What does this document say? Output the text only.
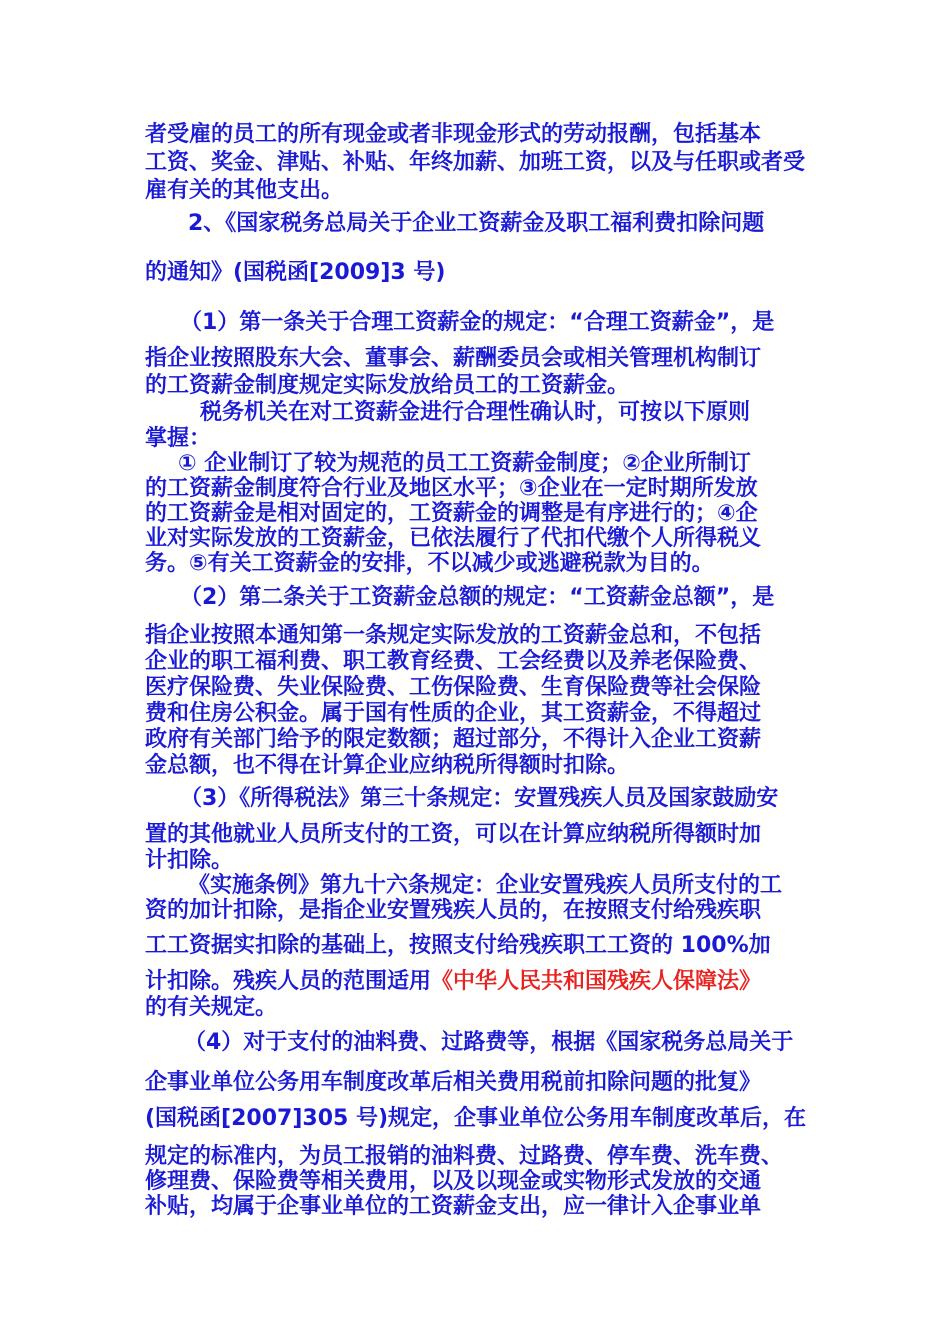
者受雇的员工的所有现金或者非现金形式的劳动报酬，包括基本
工资、奖金、津贴、补贴、年终加薪、加班工资，以及与任职或者受
雇有关的其他支出。
2、《国家税务总局关于企业工资薪金及职工福利费扣除问题
的通知》(国税函[2009]3 号)
（1）第一条关于合理工资薪金的规定：“合理工资薪金”，是
指企业按照股东大会、董事会、薪酬委员会或相关管理机构制订
的工资薪金制度规定实际发放给员工的工资薪金。
税务机关在对工资薪金进行合理性确认时，可按以下原则
掌握：
① 企业制订了较为规范的员工工资薪金制度；②企业所制订
的工资薪金制度符合行业及地区水平；③企业在一定时期所发放
的工资薪金是相对固定的，工资薪金的调整是有序进行的；④企
业对实际发放的工资薪金，已依法履行了代扣代缴个人所得税义
务。⑤有关工资薪金的安排，不以减少或逃避税款为目的。
（2）第二条关于工资薪金总额的规定：“工资薪金总额”，是
指企业按照本通知第一条规定实际发放的工资薪金总和，不包括
企业的职工福利费、职工教育经费、工会经费以及养老保险费、
医疗保险费、失业保险费、工伤保险费、生育保险费等社会保险
费和住房公积金。属于国有性质的企业，其工资薪金，不得超过
政府有关部门给予的限定数额；超过部分，不得计入企业工资薪
金总额，也不得在计算企业应纳税所得额时扣除。
（3）《所得税法》第三十条规定：安置残疾人员及国家鼓励安
置的其他就业人员所支付的工资，可以在计算应纳税所得额时加
计扣除。
《实施条例》第九十六条规定：企业安置残疾人员所支付的工
资的加计扣除，是指企业安置残疾人员的，在按照支付给残疾职
工工资据实扣除的基础上，按照支付给残疾职工工资的 100%加
计扣除。残疾人员的范围适用《中华人民共和国残疾人保障法》
的有关规定。
（4）对于支付的油料费、过路费等，根据《国家税务总局关于
企事业单位公务用车制度改革后相关费用税前扣除问题的批复》
(国税函[2007]305 号)规定，企事业单位公务用车制度改革后，在
规定的标准内，为员工报销的油料费、过路费、停车费、洗车费、
修理费、保险费等相关费用，以及以现金或实物形式发放的交通
补贴，均属于企事业单位的工资薪金支出，应一律计入企事业单
